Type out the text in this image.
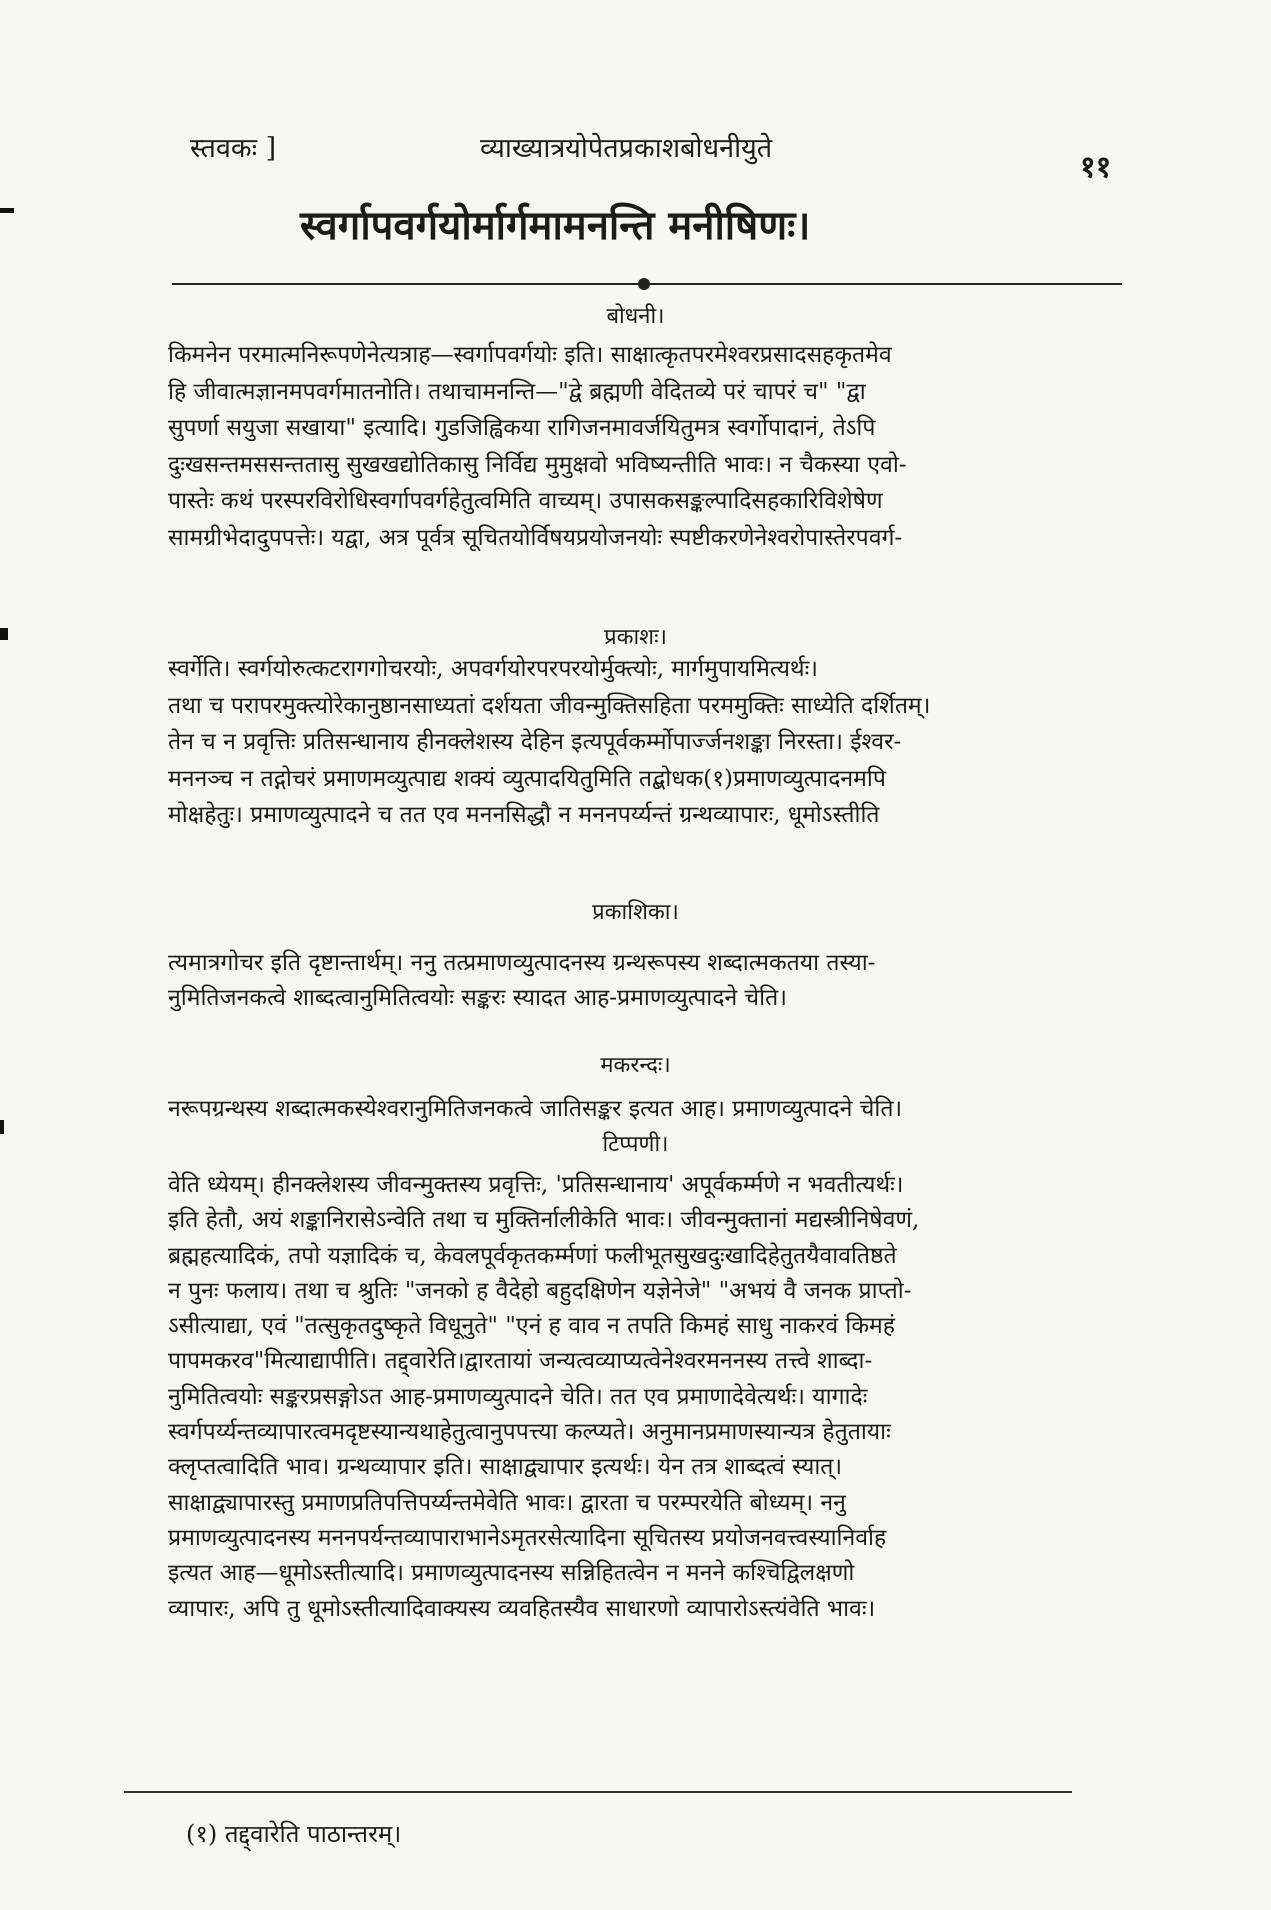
स्तवकः ]	व्याख्यात्रयोपेतप्रकाशबोधनीयुते
११
स्वर्गापवर्गयोर्मार्गमामनन्ति मनीषिणः।
बोधनी।
किमनेन परमात्मनिरूपणेनेत्यत्राह—स्वर्गापवर्गयोः इति। साक्षात्कृतपरमेश्वरप्रसादसहकृतमेव
हि जीवात्मज्ञानमपवर्गमातनोति। तथाचामनन्ति—"द्वे ब्रह्मणी वेदितव्ये परं चापरं च" "द्वा
सुपर्णा सयुजा सखाया" इत्यादि। गुडजिह्विकया रागिजनमावर्जयितुमत्र स्वर्गोपादानं, तेऽपि
दुःखसन्तमससन्ततासु सुखखद्योतिकासु निर्विद्य मुमुक्षवो भविष्यन्तीति भावः। न चैकस्या एवो-
पास्तेः कथं परस्परविरोधिस्वर्गापवर्गहेतुत्वमिति वाच्यम्। उपासकसङ्कल्पादिसहकारिविशेषेण
सामग्रीभेदादुपपत्तेः। यद्वा, अत्र पूर्वत्र सूचितयोर्विषयप्रयोजनयोः स्पष्टीकरणेनेश्वरोपास्तेरपवर्ग-
प्रकाशः।
स्वर्गेति। स्वर्गयोरुत्कटरागगोचरयोः, अपवर्गयोरपरपरयोर्मुक्त्योः, मार्गमुपायमित्यर्थः।
तथा च परापरमुक्त्योरेकानुष्ठानसाध्यतां दर्शयता जीवन्मुक्तिसहिता परममुक्तिः साध्येति दर्शितम्।
तेन च न प्रवृत्तिः प्रतिसन्धानाय हीनक्लेशस्य देहिन इत्यपूर्वकर्म्मोपार्ज्जनशङ्का निरस्ता। ईश्वर-
मननञ्च न तद्गोचरं प्रमाणमव्युत्पाद्य शक्यं व्युत्पादयितुमिति तद्बोधक(१)प्रमाणव्युत्पादनमपि
मोक्षहेतुः। प्रमाणव्युत्पादने च तत एव मननसिद्धौ न मननपर्य्यन्तं ग्रन्थव्यापारः, धूमोऽस्तीति
प्रकाशिका।
त्यमात्रगोचर इति दृष्टान्तार्थम्। ननु तत्प्रमाणव्युत्पादनस्य ग्रन्थरूपस्य शब्दात्मकतया तस्या-
नुमितिजनकत्वे शाब्दत्वानुमितित्वयोः सङ्करः स्यादत आह-प्रमाणव्युत्पादने चेति।
मकरन्दः।
नरूपग्रन्थस्य शब्दात्मकस्येश्वरानुमितिजनकत्वे जातिसङ्कर इत्यत आह। प्रमाणव्युत्पादने चेति।
टिप्पणी।
वेति ध्येयम्। हीनक्लेशस्य जीवन्मुक्तस्य प्रवृत्तिः, 'प्रतिसन्धानाय' अपूर्वकर्म्मणे न भवतीत्यर्थः।
इति हेतौ, अयं शङ्कानिरासेऽन्वेति तथा च मुक्तिर्नालीकेति भावः। जीवन्मुक्तानां मद्यस्त्रीनिषेवणं,
ब्रह्महत्यादिकं, तपो यज्ञादिकं च, केवलपूर्वकृतकर्म्मणां फलीभूतसुखदुःखादिहेतुतयैवावतिष्ठते
न पुनः फलाय। तथा च श्रुतिः "जनको ह वैदेहो बहुदक्षिणेन यज्ञेनेजे" "अभयं वै जनक प्राप्तो-
ऽसीत्याद्या, एवं "तत्सुकृतदुष्कृते विधूनुते" "एनं ह वाव न तपति किमहं साधु नाकरवं किमहं
पापमकरव"मित्याद्यापीति। तद्द्वारेति।द्वारतायां जन्यत्वव्याप्यत्वेनेश्वरमननस्य तत्त्वे शाब्दा-
नुमितित्वयोः सङ्करप्रसङ्गोऽत आह-प्रमाणव्युत्पादने चेति। तत एव प्रमाणादेवेत्यर्थः। यागादेः
स्वर्गपर्य्यन्तव्यापारत्वमदृष्टस्यान्यथाहेतुत्वानुपपत्त्या कल्प्यते। अनुमानप्रमाणस्यान्यत्र हेतुतायाः
क्लृप्तत्वादिति भाव। ग्रन्थव्यापार इति। साक्षाद्व्यापार इत्यर्थः। येन तत्र शाब्दत्वं स्यात्।
साक्षाद्व्यापारस्तु प्रमाणप्रतिपत्तिपर्य्यन्तमेवेति भावः। द्वारता च परम्परयेति बोध्यम्। ननु
प्रमाणव्युत्पादनस्य मननपर्यन्तव्यापाराभानेऽमृतरसेत्यादिना सूचितस्य प्रयोजनवत्त्वस्यानिर्वाह
इत्यत आह—धूमोऽस्तीत्यादि। प्रमाणव्युत्पादनस्य सन्निहितत्वेन न मनने कश्चिद्विलक्षणो
व्यापारः, अपि तु धूमोऽस्तीत्यादिवाक्यस्य व्यवहितस्यैव साधारणो व्यापारोऽस्त्यंवेति भावः।
(१) तद्द्वारेति पाठान्तरम्।
